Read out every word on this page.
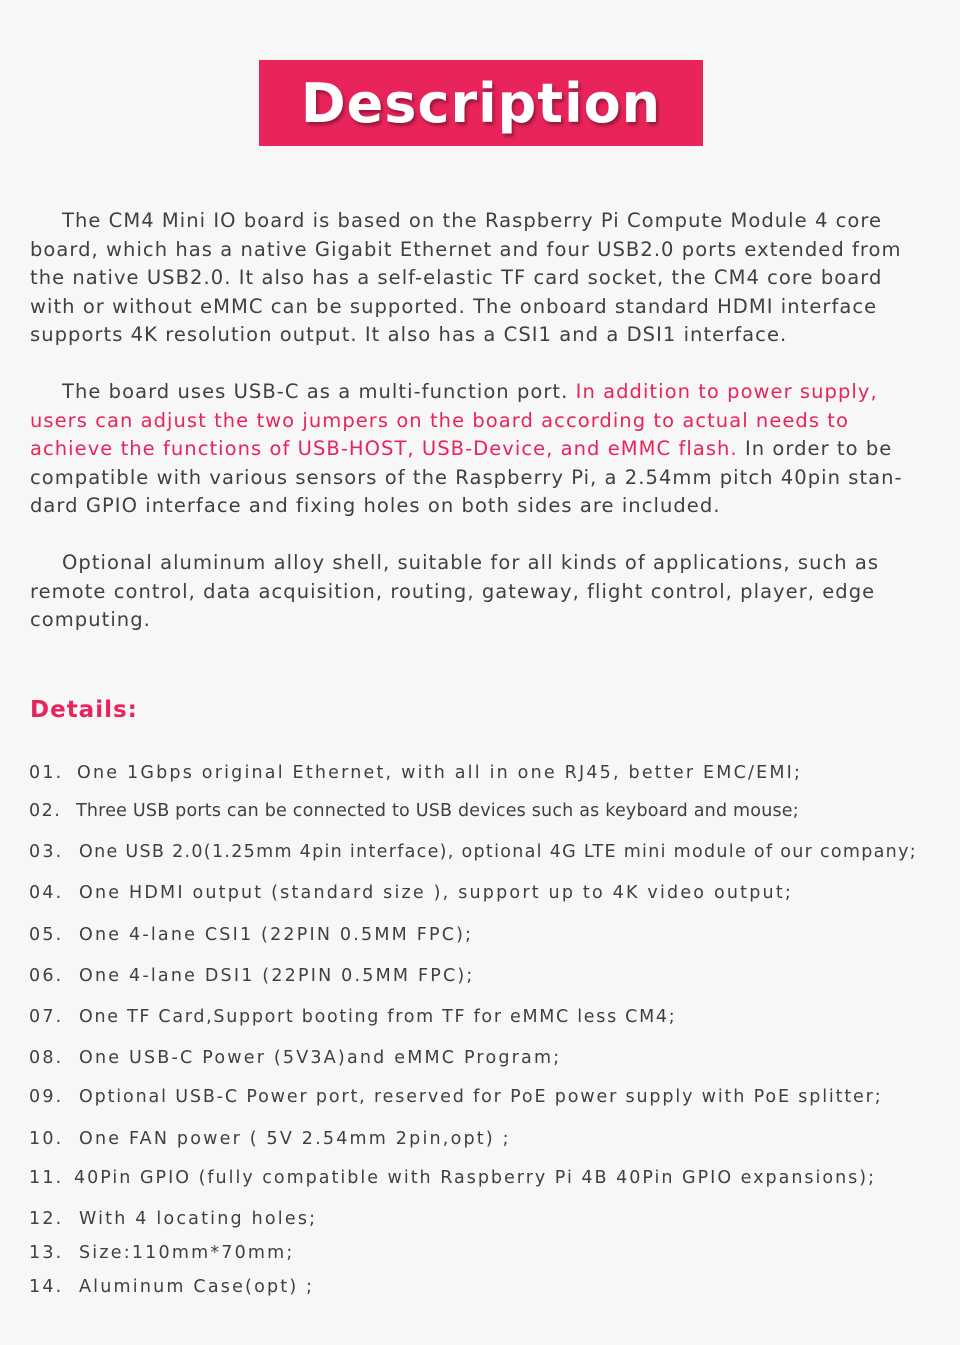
Description

The CM4 Mini IO board is based on the Raspberry Pi Compute Module 4 core board, which has a native Gigabit Ethernet and four USB2.0 ports extended from the native USB2.0. It also has a self-elastic TF card socket, the CM4 core board with or without eMMC can be supported. The onboard standard HDMI interface supports 4K resolution output. It also has a CSI1 and a DSI1 interface.

The board uses USB-C as a multi-function port. In addition to power supply, users can adjust the two jumpers on the board according to actual needs to achieve the functions of USB-HOST, USB-Device, and eMMC flash. In order to be compatible with various sensors of the Raspberry Pi, a 2.54mm pitch 40pin stan-dard GPIO interface and fixing holes on both sides are included.

Optional aluminum alloy shell, suitable for all kinds of applications, such as remote control, data acquisition, routing, gateway, flight control, player, edge computing.

Details:
01. One 1Gbps original Ethernet, with all in one RJ45, better EMC/EMI;
02. Three USB ports can be connected to USB devices such as keyboard and mouse;
03. One USB 2.0(1.25mm 4pin interface), optional 4G LTE mini module of our company;
04. One HDMI output (standard size ), support up to 4K video output;
05. One 4-lane CSI1 (22PIN 0.5MM FPC);
06. One 4-lane DSI1 (22PIN 0.5MM FPC);
07. One TF Card,Support booting from TF for eMMC less CM4;
08. One USB-C Power (5V3A)and eMMC Program;
09. Optional USB-C Power port, reserved for PoE power supply with PoE splitter;
10. One FAN power ( 5V 2.54mm 2pin,opt) ;
11. 40Pin GPIO (fully compatible with Raspberry Pi 4B 40Pin GPIO expansions);
12. With 4 locating holes;
13. Size:110mm*70mm;
14. Aluminum Case(opt) ;
